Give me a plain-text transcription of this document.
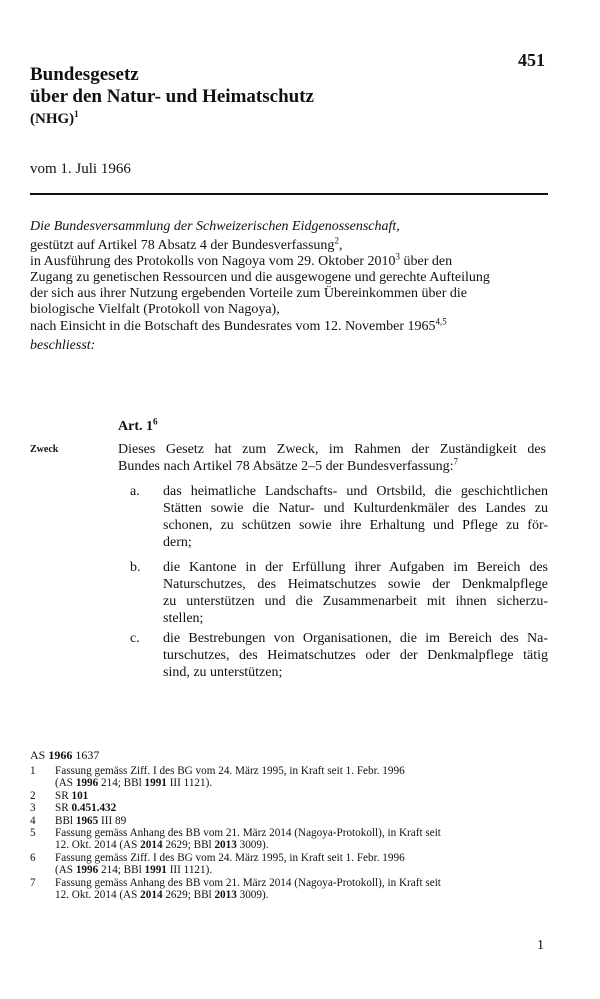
451
Bundesgesetz
über den Natur- und Heimatschutz
(NHG)$^1$
vom 1. Juli 1966

Die Bundesversammlung der Schweizerischen Eidgenossenschaft,

gestützt auf Artikel 78 Absatz 4 der Bundesverfassung$^2$,

in Ausführung des Protokolls von Nagoya vom 29. Oktober 2010$^3$ über den

Zugang zu genetischen Ressourcen und die ausgewogene und gerechte Aufteilung

der sich aus ihrer Nutzung ergebenden Vorteile zum Übereinkommen über die

biologische Vielfalt (Protokoll von Nagoya),

nach Einsicht in die Botschaft des Bundesrates vom 12. November 1965$^{4,5}$

beschliesst:

Art. $1^6$
Zweck	Dieses Gesetz hat zum Zweck, im Rahmen der Zuständigkeit des
Bundes nach Artikel 78 Absätze 2–5 der Bundesverfassung:$^7$
a. das heimatliche Landschafts- und Ortsbild, die geschichtlichen
Stätten sowie die Natur- und Kulturdenkmäler des Landes zu
schonen, zu schützen sowie ihre Erhaltung und Pflege zu för-
dern;
b. die Kantone in der Erfüllung ihrer Aufgaben im Bereich des
Naturschutzes, des Heimatschutzes sowie der Denkmalpflege
zu unterstützen und die Zusammenarbeit mit ihnen sicherzu-
stellen;
c. die Bestrebungen von Organisationen, die im Bereich des Na-
turschutzes, des Heimatschutzes oder der Denkmalpflege tätig
sind, zu unterstützen;
AS 1966 1637
1 Fassung gemäss Ziff. I des BG vom 24. März 1995, in Kraft seit 1. Febr. 1996
(AS 1996 214; BBl 1991 III 1121).
2 SR 101
3 SR 0.451.432
4 BBl 1965 III 89
5 Fassung gemäss Anhang des BB vom 21. März 2014 (Nagoya-Protokoll), in Kraft seit
12. Okt. 2014 (AS 2014 2629; BBl 2013 3009).
6 Fassung gemäss Ziff. I des BG vom 24. März 1995, in Kraft seit 1. Febr. 1996
(AS 1996 214; BBl 1991 III 1121).
7 Fassung gemäss Anhang des BB vom 21. März 2014 (Nagoya-Protokoll), in Kraft seit
12. Okt. 2014 (AS 2014 2629; BBl 2013 3009).
1
